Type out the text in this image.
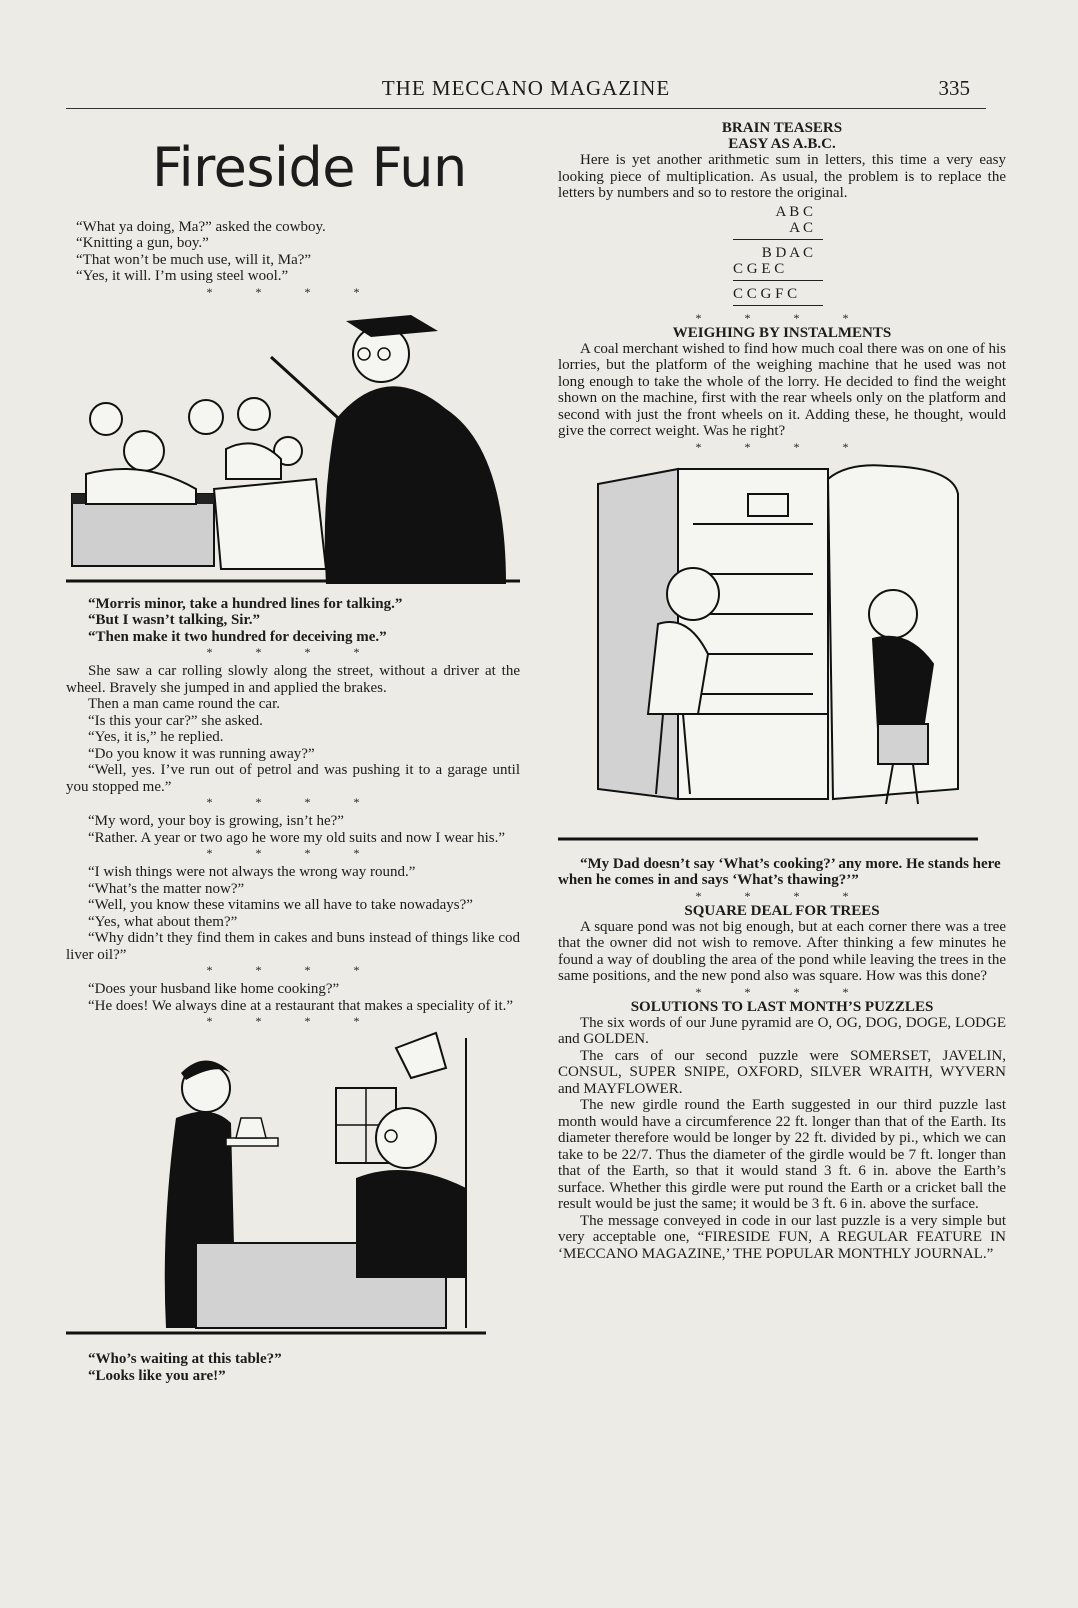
THE MECCANO MAGAZINE	335
Fireside Fun

“What ya doing, Ma?” asked the cowboy.

“Knitting a gun, boy.”

“That won’t be much use, will it, Ma?”

“Yes, it will. I’m using steel wool.”

* * * *

“Morris minor, take a hundred lines for talking.”

“But I wasn’t talking, Sir.”

“Then make it two hundred for deceiving me.”

* * * *

She saw a car rolling slowly along the street, without a driver at the wheel. Bravely she jumped in and applied the brakes.

Then a man came round the car.

“Is this your car?” she asked.

“Yes, it is,” he replied.

“Do you know it was running away?”

“Well, yes. I’ve run out of petrol and was pushing it to a garage until you stopped me.”

* * * *

“My word, your boy is growing, isn’t he?”

“Rather. A year or two ago he wore my old suits and now I wear his.”

* * * *

“I wish things were not always the wrong way round.”

“What’s the matter now?”

“Well, you know these vitamins we all have to take nowadays?”

“Yes, what about them?”

“Why didn’t they find them in cakes and buns instead of things like cod liver oil?”

* * * *

“Does your husband like home cooking?”

“He does! We always dine at a restaurant that makes a speciality of it.”

* * * *

“Who’s waiting at this table?”

“Looks like you are!”

BRAIN TEASERS

EASY AS A.B.C.

Here is yet another arithmetic sum in letters, this time a very easy looking piece of multiplication. As usual, the problem is to replace the letters by numbers and so to restore the original.

A B C
A C
B D A C
C G E C
C C G F C
* * * *

WEIGHING BY INSTALMENTS

A coal merchant wished to find how much coal there was on one of his lorries, but the platform of the weighing machine that he used was not long enough to take the whole of the lorry. He decided to find the weight shown on the machine, first with the rear wheels only on the platform and second with just the front wheels on it. Adding these, he thought, would give the correct weight. Was he right?

* * * *

“My Dad doesn’t say ‘What’s cooking?’ any more. He stands here when he comes in and says ‘What’s thawing?’”

* * * *

SQUARE DEAL FOR TREES

A square pond was not big enough, but at each corner there was a tree that the owner did not wish to remove. After thinking a few minutes he found a way of doubling the area of the pond while leaving the trees in the same positions, and the new pond also was square. How was this done?

* * * *

SOLUTIONS TO LAST MONTH’S PUZZLES

The six words of our June pyramid are O, OG, DOG, DOGE, LODGE and GOLDEN.

The cars of our second puzzle were SOMERSET, JAVELIN, CONSUL, SUPER SNIPE, OXFORD, SILVER WRAITH, WYVERN and MAYFLOWER.

The new girdle round the Earth suggested in our third puzzle last month would have a circumference 22 ft. longer than that of the Earth. Its diameter therefore would be longer by 22 ft. divided by pi., which we can take to be 22/7. Thus the diameter of the girdle would be 7 ft. longer than that of the Earth, so that it would stand 3 ft. 6 in. above the Earth’s surface. Whether this girdle were put round the Earth or a cricket ball the result would be just the same; it would be 3 ft. 6 in. above the surface.

The message conveyed in code in our last puzzle is a very simple but very acceptable one, “FIRESIDE FUN, A REGULAR FEATURE IN ‘MECCANO MAGAZINE,’ THE POPULAR MONTHLY JOURNAL.”
